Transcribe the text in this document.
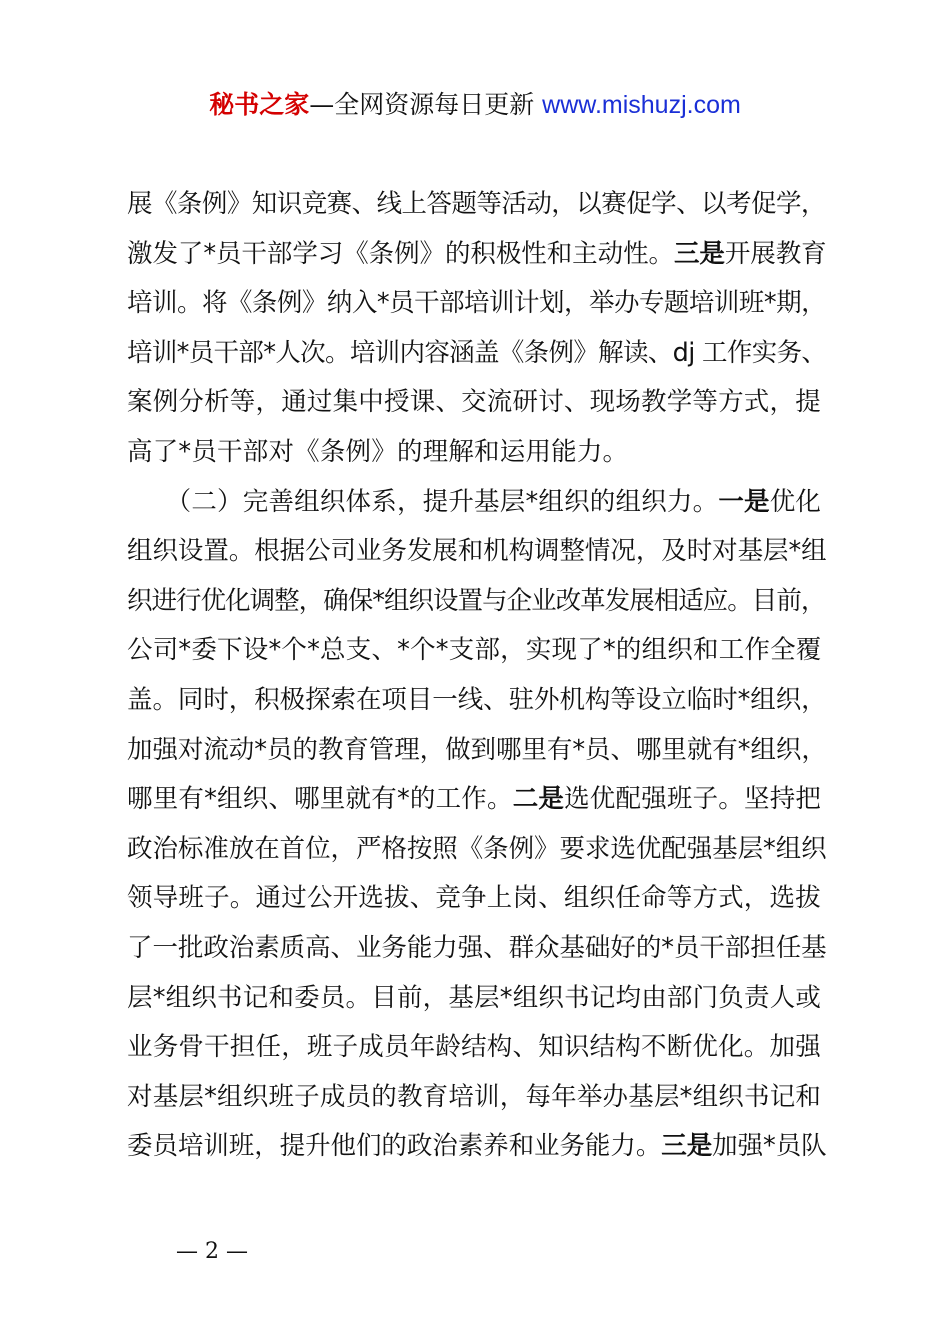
秘书之家—全网资源每日更新 www.mishuzj.com
展《条例》知识竞赛、线上答题等活动，以赛促学、以考促学，
激发了*员干部学习《条例》的积极性和主动性。三是开展教育
培训。将《条例》纳入*员干部培训计划，举办专题培训班*期，
培训*员干部*人次。培训内容涵盖《条例》解读、dj 工作实务、
案例分析等，通过集中授课、交流研讨、现场教学等方式，提
高了*员干部对《条例》的理解和运用能力。
　　（二）完善组织体系，提升基层*组织的组织力。一是优化
组织设置。根据公司业务发展和机构调整情况，及时对基层*组
织进行优化调整，确保*组织设置与企业改革发展相适应。目前，
公司*委下设*个*总支、*个*支部，实现了*的组织和工作全覆
盖。同时，积极探索在项目一线、驻外机构等设立临时*组织，
加强对流动*员的教育管理，做到哪里有*员、哪里就有*组织，
哪里有*组织、哪里就有*的工作。二是选优配强班子。坚持把
政治标准放在首位，严格按照《条例》要求选优配强基层*组织
领导班子。通过公开选拔、竞争上岗、组织任命等方式，选拔
了一批政治素质高、业务能力强、群众基础好的*员干部担任基
层*组织书记和委员。目前，基层*组织书记均由部门负责人或
业务骨干担任，班子成员年龄结构、知识结构不断优化。加强
对基层*组织班子成员的教育培训，每年举办基层*组织书记和
委员培训班，提升他们的政治素养和业务能力。三是加强*员队
— 2 —
